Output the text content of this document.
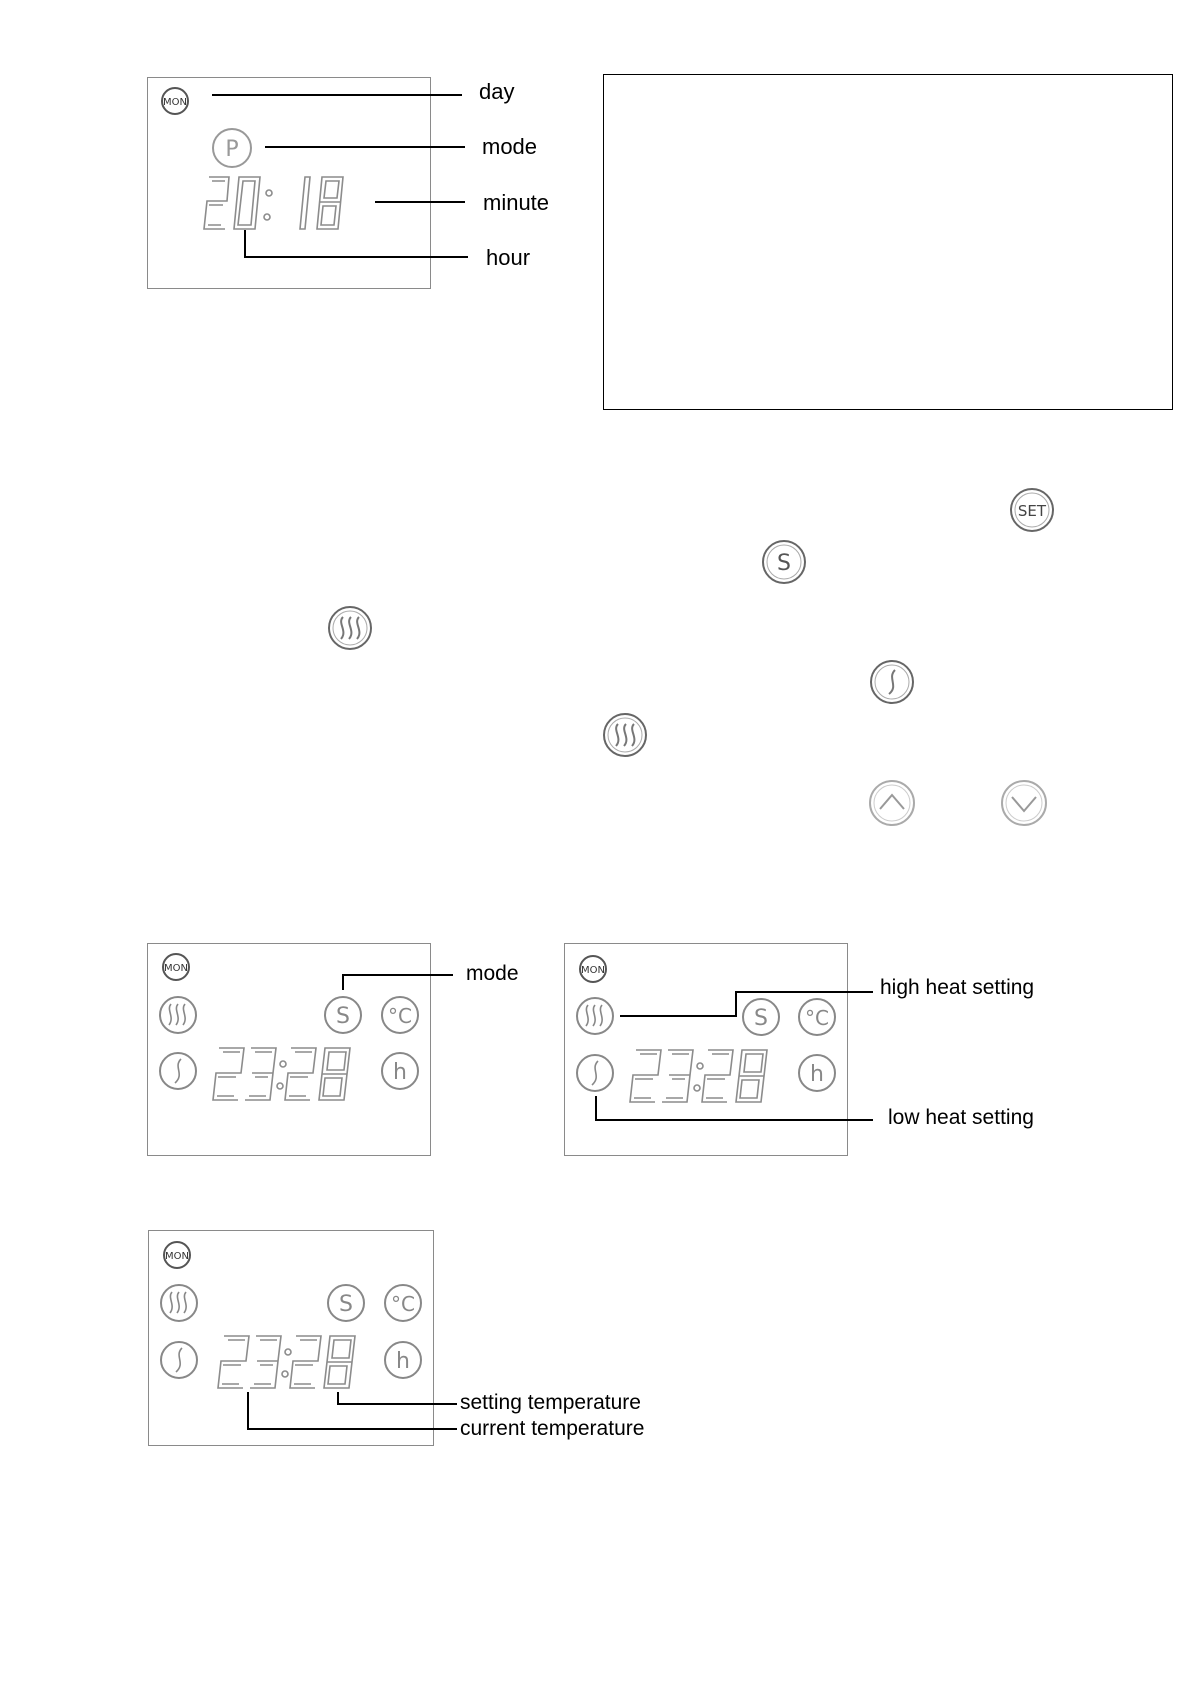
MON
P
day
mode
minute
hour
SET
S
MON
S °C
h
mode	MON
S °C
h
high heat setting
low heat setting
MON
S °C
h
setting temperature
current temperature
